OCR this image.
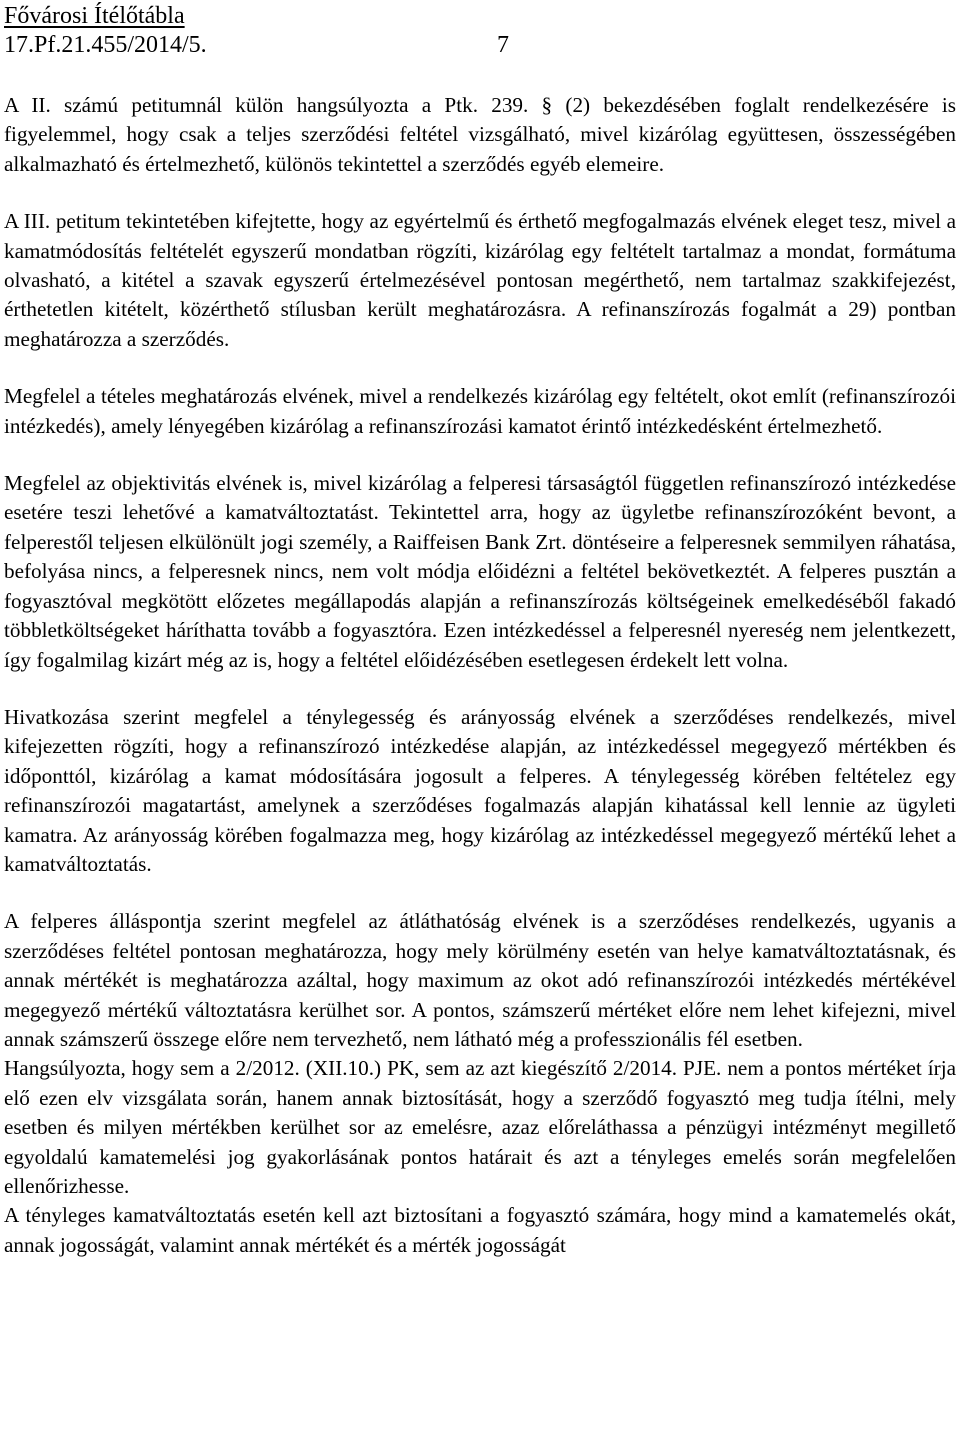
Fővárosi Ítélőtábla
17.Pf.21.455/2014/5.	7

A II. számú petitumnál külön hangsúlyozta a Ptk. 239. § (2) bekezdésében foglalt rendelkezésére is figyelemmel, hogy csak a teljes szerződési feltétel vizsgálható, mivel kizárólag együttesen, összességében alkalmazható és értelmezhető, különös tekintettel a szerződés egyéb elemeire.

A III. petitum tekintetében kifejtette, hogy az egyértelmű és érthető megfogalmazás elvének eleget tesz, mivel a kamatmódosítás feltételét egyszerű mondatban rögzíti, kizárólag egy feltételt tartalmaz a mondat, formátuma olvasható, a kitétel a szavak egyszerű értelmezésével pontosan megérthető, nem tartalmaz szakkifejezést, érthetetlen kitételt, közérthető stílusban került meghatározásra. A refinanszírozás fogalmát a 29) pontban meghatározza a szerződés.

Megfelel a tételes meghatározás elvének, mivel a rendelkezés kizárólag egy feltételt, okot említ (refinanszírozói intézkedés), amely lényegében kizárólag a refinanszírozási kamatot érintő intézkedésként értelmezhető.

Megfelel az objektivitás elvének is, mivel kizárólag a felperesi társaságtól független refinanszírozó intézkedése esetére teszi lehetővé a kamatváltoztatást. Tekintettel arra, hogy az ügyletbe refinanszírozóként bevont, a felperestől teljesen elkülönült jogi személy, a Raiffeisen Bank Zrt. döntéseire a felperesnek semmilyen ráhatása, befolyása nincs, a felperesnek nincs, nem volt módja előidézni a feltétel bekövetkeztét. A felperes pusztán a fogyasztóval megkötött előzetes megállapodás alapján a refinanszírozás költségeinek emelkedéséből fakadó többletköltségeket háríthatta tovább a fogyasztóra. Ezen intézkedéssel a felperesnél nyereség nem jelentkezett, így fogalmilag kizárt még az is, hogy a feltétel előidézésében esetlegesen érdekelt lett volna.

Hivatkozása szerint megfelel a ténylegesség és arányosság elvének a szerződéses rendelkezés, mivel kifejezetten rögzíti, hogy a refinanszírozó intézkedése alapján, az intézkedéssel megegyező mértékben és időponttól, kizárólag a kamat módosítására jogosult a felperes. A ténylegesség körében feltételez egy refinanszírozói magatartást, amelynek a szerződéses fogalmazás alapján kihatással kell lennie az ügyleti kamatra. Az arányosság körében fogalmazza meg, hogy kizárólag az intézkedéssel megegyező mértékű lehet a kamatváltoztatás.

A felperes álláspontja szerint megfelel az átláthatóság elvének is a szerződéses rendelkezés, ugyanis a szerződéses feltétel pontosan meghatározza, hogy mely körülmény esetén van helye kamatváltoztatásnak, és annak mértékét is meghatározza azáltal, hogy maximum az okot adó refinanszírozói intézkedés mértékével megegyező mértékű változtatásra kerülhet sor. A pontos, számszerű mértéket előre nem lehet kifejezni, mivel annak számszerű összege előre nem tervezhető, nem látható még a professzionális fél esetben.

Hangsúlyozta, hogy sem a 2/2012. (XII.10.) PK, sem az azt kiegészítő 2/2014. PJE. nem a pontos mértéket írja elő ezen elv vizsgálata során, hanem annak biztosítását, hogy a szerződő fogyasztó meg tudja ítélni, mely esetben és milyen mértékben kerülhet sor az emelésre, azaz előreláthassa a pénzügyi intézményt megillető egyoldalú kamatemelési jog gyakorlásának pontos határait és azt a tényleges emelés során megfelelően ellenőrizhesse.

A tényleges kamatváltoztatás esetén kell azt biztosítani a fogyasztó számára, hogy mind a kamatemelés okát, annak jogosságát, valamint annak mértékét és a mérték jogosságát
